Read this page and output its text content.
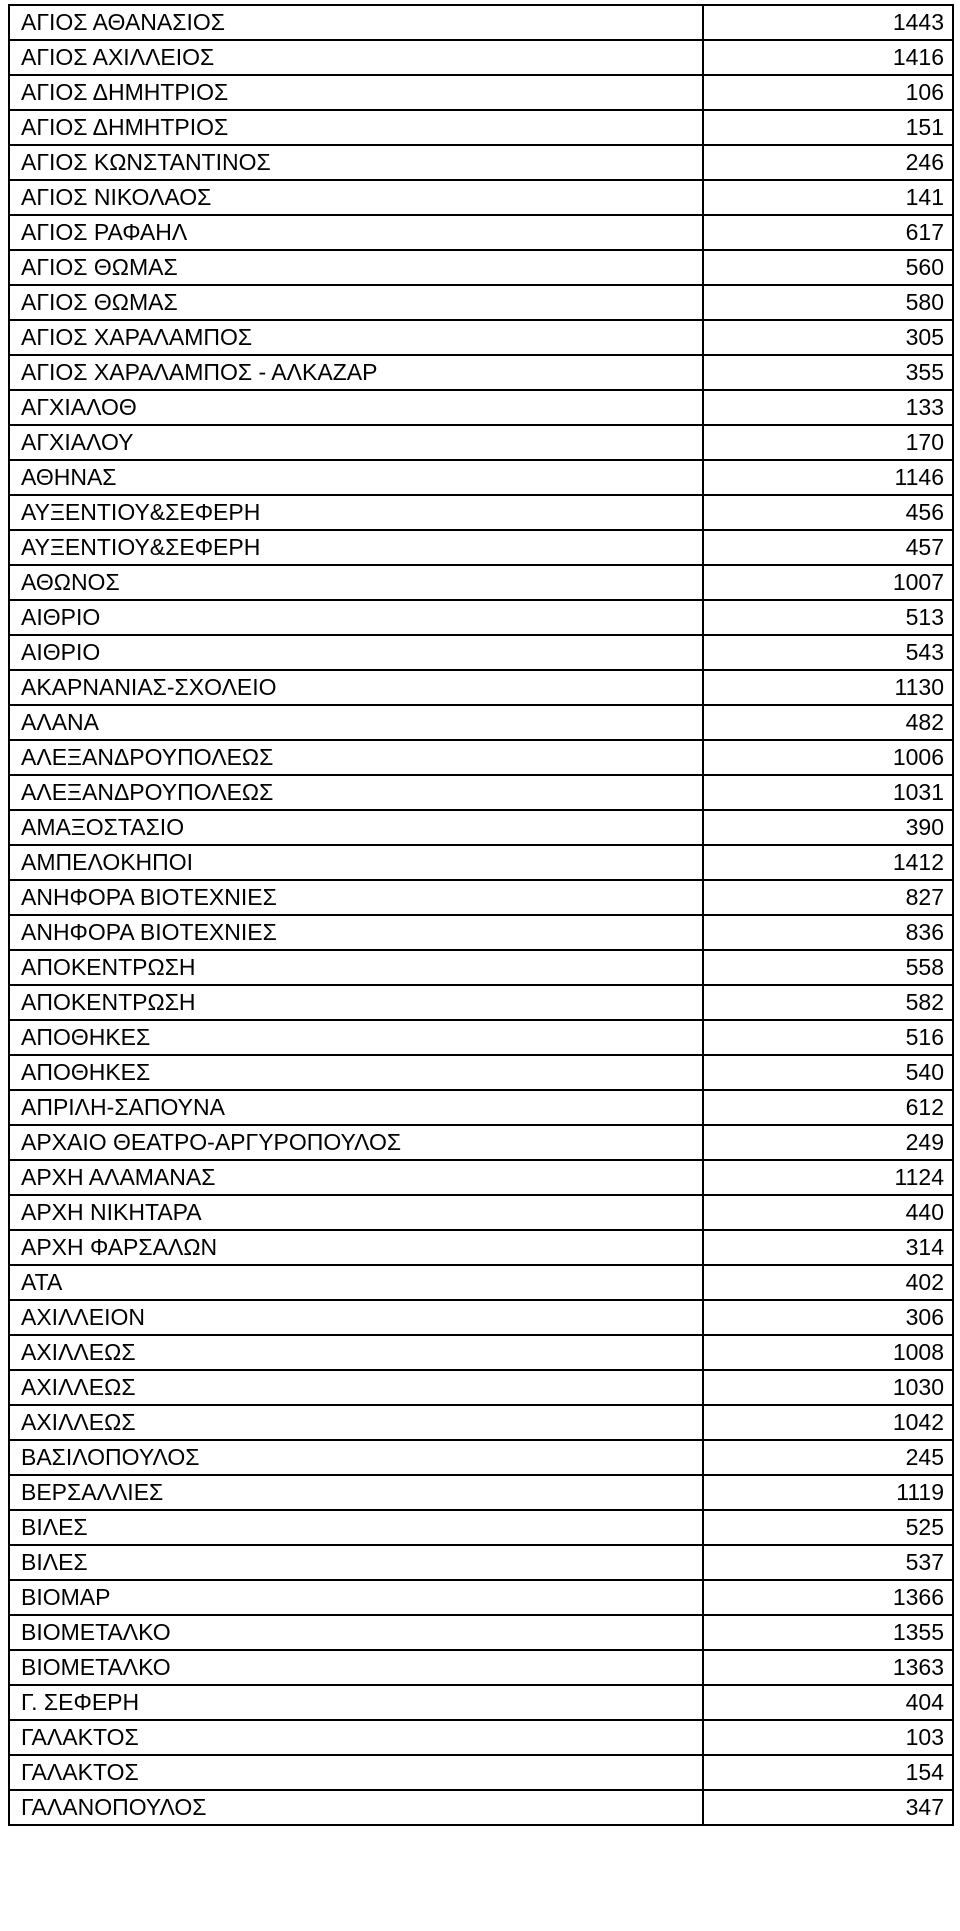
ΑΓΙΟΣ ΑΘΑΝΑΣΙΟΣ	1443
ΑΓΙΟΣ ΑΧΙΛΛΕΙΟΣ	1416
ΑΓΙΟΣ ΔΗΜΗΤΡΙΟΣ	106
ΑΓΙΟΣ ΔΗΜΗΤΡΙΟΣ	151
ΑΓΙΟΣ ΚΩΝΣΤΑΝΤΙΝΟΣ	246
ΑΓΙΟΣ ΝΙΚΟΛΑΟΣ	141
ΑΓΙΟΣ ΡΑΦΑΗΛ	617
ΑΓΙΟΣ ΘΩΜΑΣ	560
ΑΓΙΟΣ ΘΩΜΑΣ	580
ΑΓΙΟΣ ΧΑΡΑΛΑΜΠΟΣ	305
ΑΓΙΟΣ ΧΑΡΑΛΑΜΠΟΣ - ΑΛΚΑΖΑΡ	355
ΑΓΧΙΑΛΟΘ	133
ΑΓΧΙΑΛΟΥ	170
ΑΘΗΝΑΣ	1146
ΑΥΞΕΝΤΙΟΥ&ΣΕΦΕΡΗ	456
ΑΥΞΕΝΤΙΟΥ&ΣΕΦΕΡΗ	457
ΑΘΩΝΟΣ	1007
ΑΙΘΡΙΟ	513
ΑΙΘΡΙΟ	543
ΑΚΑΡΝΑΝΙΑΣ-ΣΧΟΛΕΙΟ	1130
ΑΛΑΝΑ	482
ΑΛΕΞΑΝΔΡΟΥΠΟΛΕΩΣ	1006
ΑΛΕΞΑΝΔΡΟΥΠΟΛΕΩΣ	1031
ΑΜΑΞΟΣΤΑΣΙΟ	390
ΑΜΠΕΛΟΚΗΠΟΙ	1412
ΑΝΗΦΟΡΑ ΒΙΟΤΕΧΝΙΕΣ	827
ΑΝΗΦΟΡΑ ΒΙΟΤΕΧΝΙΕΣ	836
ΑΠΟΚΕΝΤΡΩΣΗ	558
ΑΠΟΚΕΝΤΡΩΣΗ	582
ΑΠΟΘΗΚΕΣ	516
ΑΠΟΘΗΚΕΣ	540
ΑΠΡΙΛΗ-ΣΑΠΟΥΝΑ	612
ΑΡΧΑΙΟ ΘΕΑΤΡΟ-ΑΡΓΥΡΟΠΟΥΛΟΣ	249
ΑΡΧΗ ΑΛΑΜΑΝΑΣ	1124
ΑΡΧΗ ΝΙΚΗΤΑΡΑ	440
ΑΡΧΗ ΦΑΡΣΑΛΩΝ	314
ΑΤΑ	402
ΑΧΙΛΛΕΙΟΝ	306
ΑΧΙΛΛΕΩΣ	1008
ΑΧΙΛΛΕΩΣ	1030
ΑΧΙΛΛΕΩΣ	1042
ΒΑΣΙΛΟΠΟΥΛΟΣ	245
ΒΕΡΣΑΛΛΙΕΣ	1119
ΒΙΛΕΣ	525
ΒΙΛΕΣ	537
ΒΙΟΜΑΡ	1366
ΒΙΟΜΕΤΑΛΚΟ	1355
ΒΙΟΜΕΤΑΛΚΟ	1363
Γ. ΣΕΦΕΡΗ	404
ΓΑΛΑΚΤΟΣ	103
ΓΑΛΑΚΤΟΣ	154
ΓΑΛΑΝΟΠΟΥΛΟΣ	347
